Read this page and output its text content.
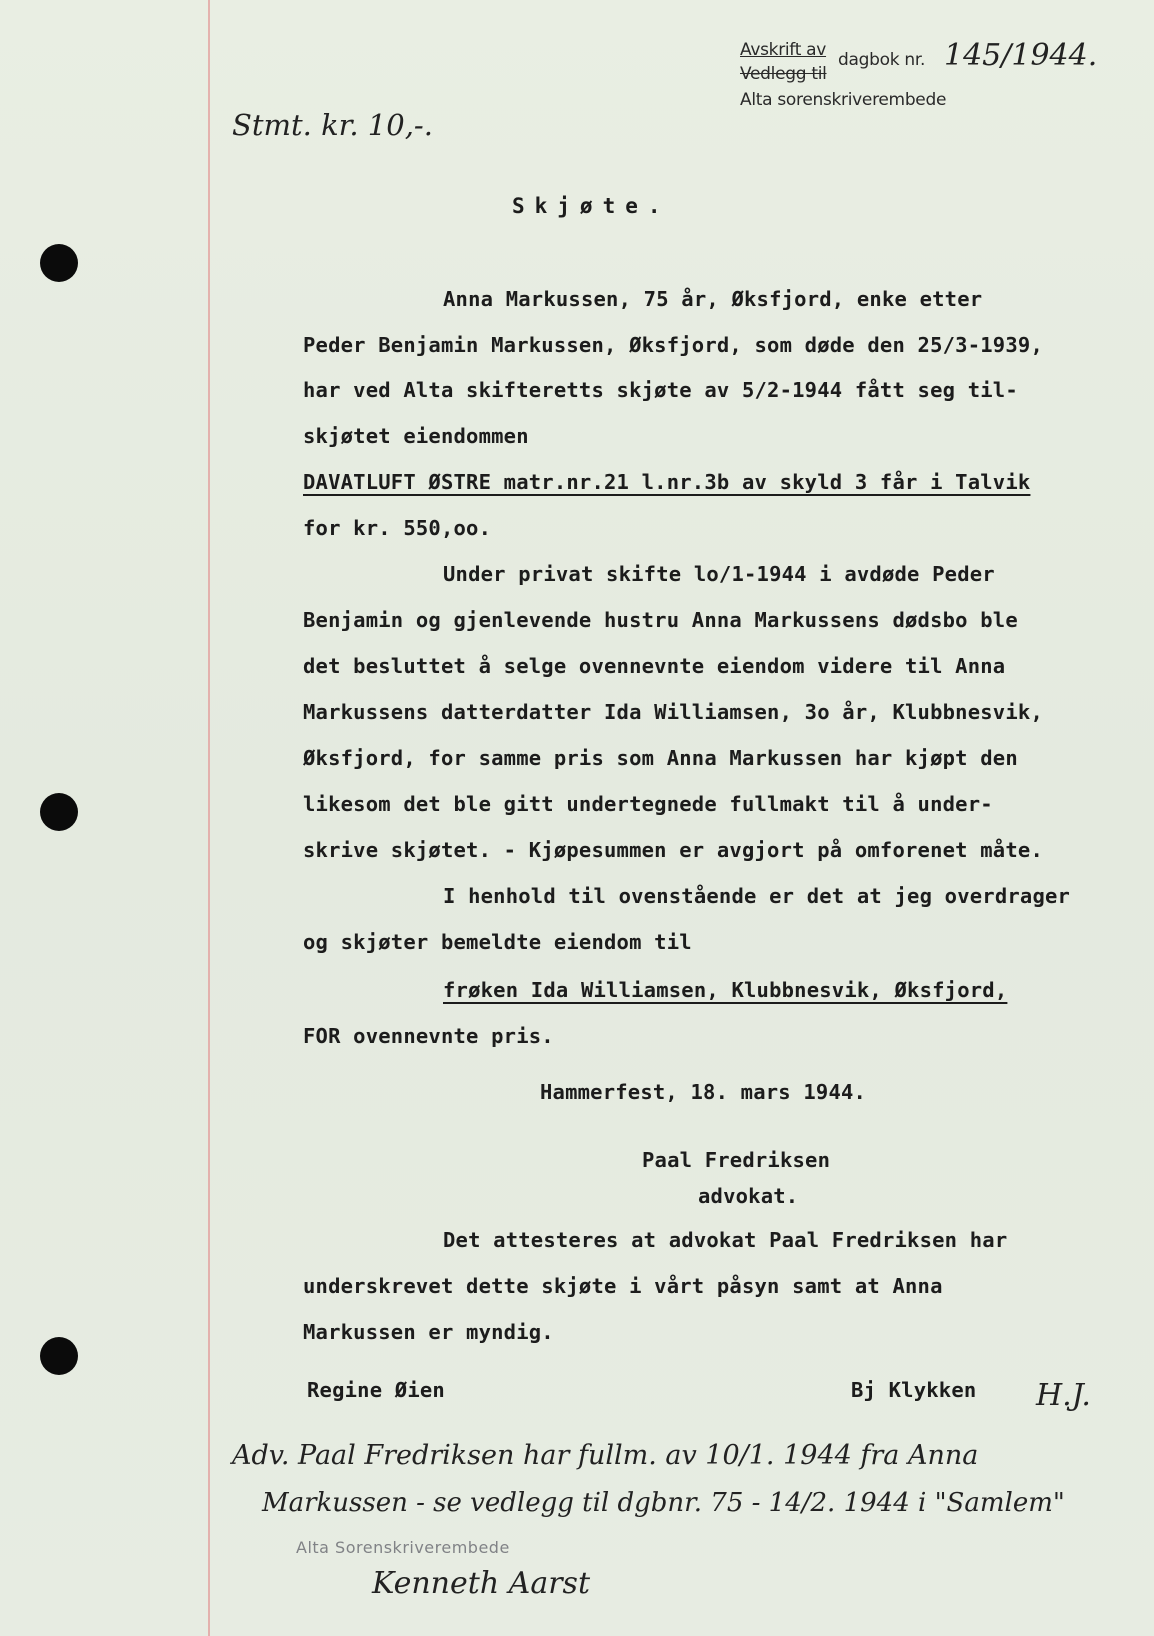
Avskrift av dagbok nr.
Vedlegg til
Alta sorenskriverembede
145/1944.
Stmt. kr. 10,-.
Skjøte.
Anna Markussen, 75 år, Øksfjord, enke etter
Peder Benjamin Markussen, Øksfjord, som døde den 25/3-1939,
har ved Alta skifteretts skjøte av 5/2-1944 fått seg til-
skjøtet eiendommen
DAVATLUFT ØSTRE matr.nr.21 l.nr.3b av skyld 3 får i Talvik
for kr. 550,oo.
Under privat skifte lo/1-1944 i avdøde Peder
Benjamin og gjenlevende hustru Anna Markussens dødsbo ble
det besluttet å selge ovennevnte eiendom videre til Anna
Markussens datterdatter Ida Williamsen, 3o år, Klubbnesvik,
Øksfjord, for samme pris som Anna Markussen har kjøpt den
likesom det ble gitt undertegnede fullmakt til å under-
skrive skjøtet. - Kjøpesummen er avgjort på omforenet måte.
I henhold til ovenstående er det at jeg overdrager
og skjøter bemeldte eiendom til
frøken Ida Williamsen, Klubbnesvik, Øksfjord,
FOR ovennevnte pris.
Hammerfest, 18. mars 1944.
Paal Fredriksen
advokat.
Det attesteres at advokat Paal Fredriksen har
underskrevet dette skjøte i vårt påsyn samt at Anna
Markussen er myndig.
Regine Øien	Bj Klykken H.J.
Adv. Paal Fredriksen har fullm. av 10/1. 1944 fra Anna
Markussen - se vedlegg til dgbnr. 75 - 14/2. 1944 i "Samlem"
Alta Sorenskriverembede
Kenneth Aarst
